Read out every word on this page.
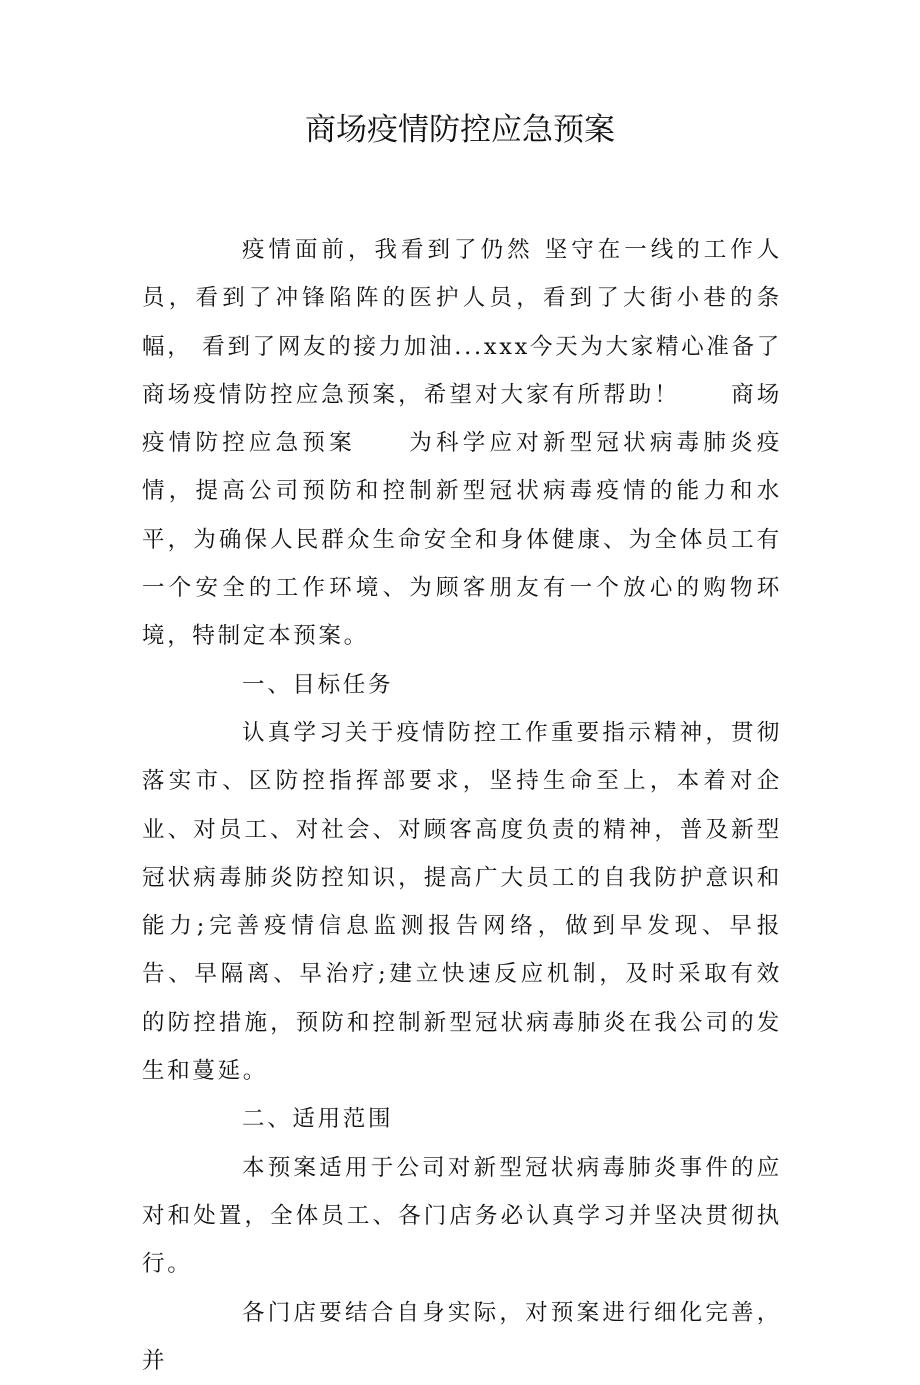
商场疫情防控应急预案

疫情面前，我看到了仍然 坚守在一线的工作人员，看到了冲锋陷阵的医护人员，看到了大街小巷的条幅， 看到了网友的接力加油...xxx今天为大家精心准备了商场疫情防控应急预案，希望对大家有所帮助！　　商场疫情防控应急预案　　为科学应对新型冠状病毒肺炎疫情，提高公司预防和控制新型冠状病毒疫情的能力和水平，为确保人民群众生命安全和身体健康、为全体员工有一个安全的工作环境、为顾客朋友有一个放心的购物环境，特制定本预案。

一、目标任务

认真学习关于疫情防控工作重要指示精神，贯彻落实市、区防控指挥部要求，坚持生命至上，本着对企业、对员工、对社会、对顾客高度负责的精神，普及新型冠状病毒肺炎防控知识，提高广大员工的自我防护意识和能力;完善疫情信息监测报告网络，做到早发现、早报告、早隔离、早治疗;建立快速反应机制，及时采取有效的防控措施，预防和控制新型冠状病毒肺炎在我公司的发生和蔓延。

二、适用范围

本预案适用于公司对新型冠状病毒肺炎事件的应对和处置，全体员工、各门店务必认真学习并坚决贯彻执行。

各门店要结合自身实际，对预案进行细化完善，并
